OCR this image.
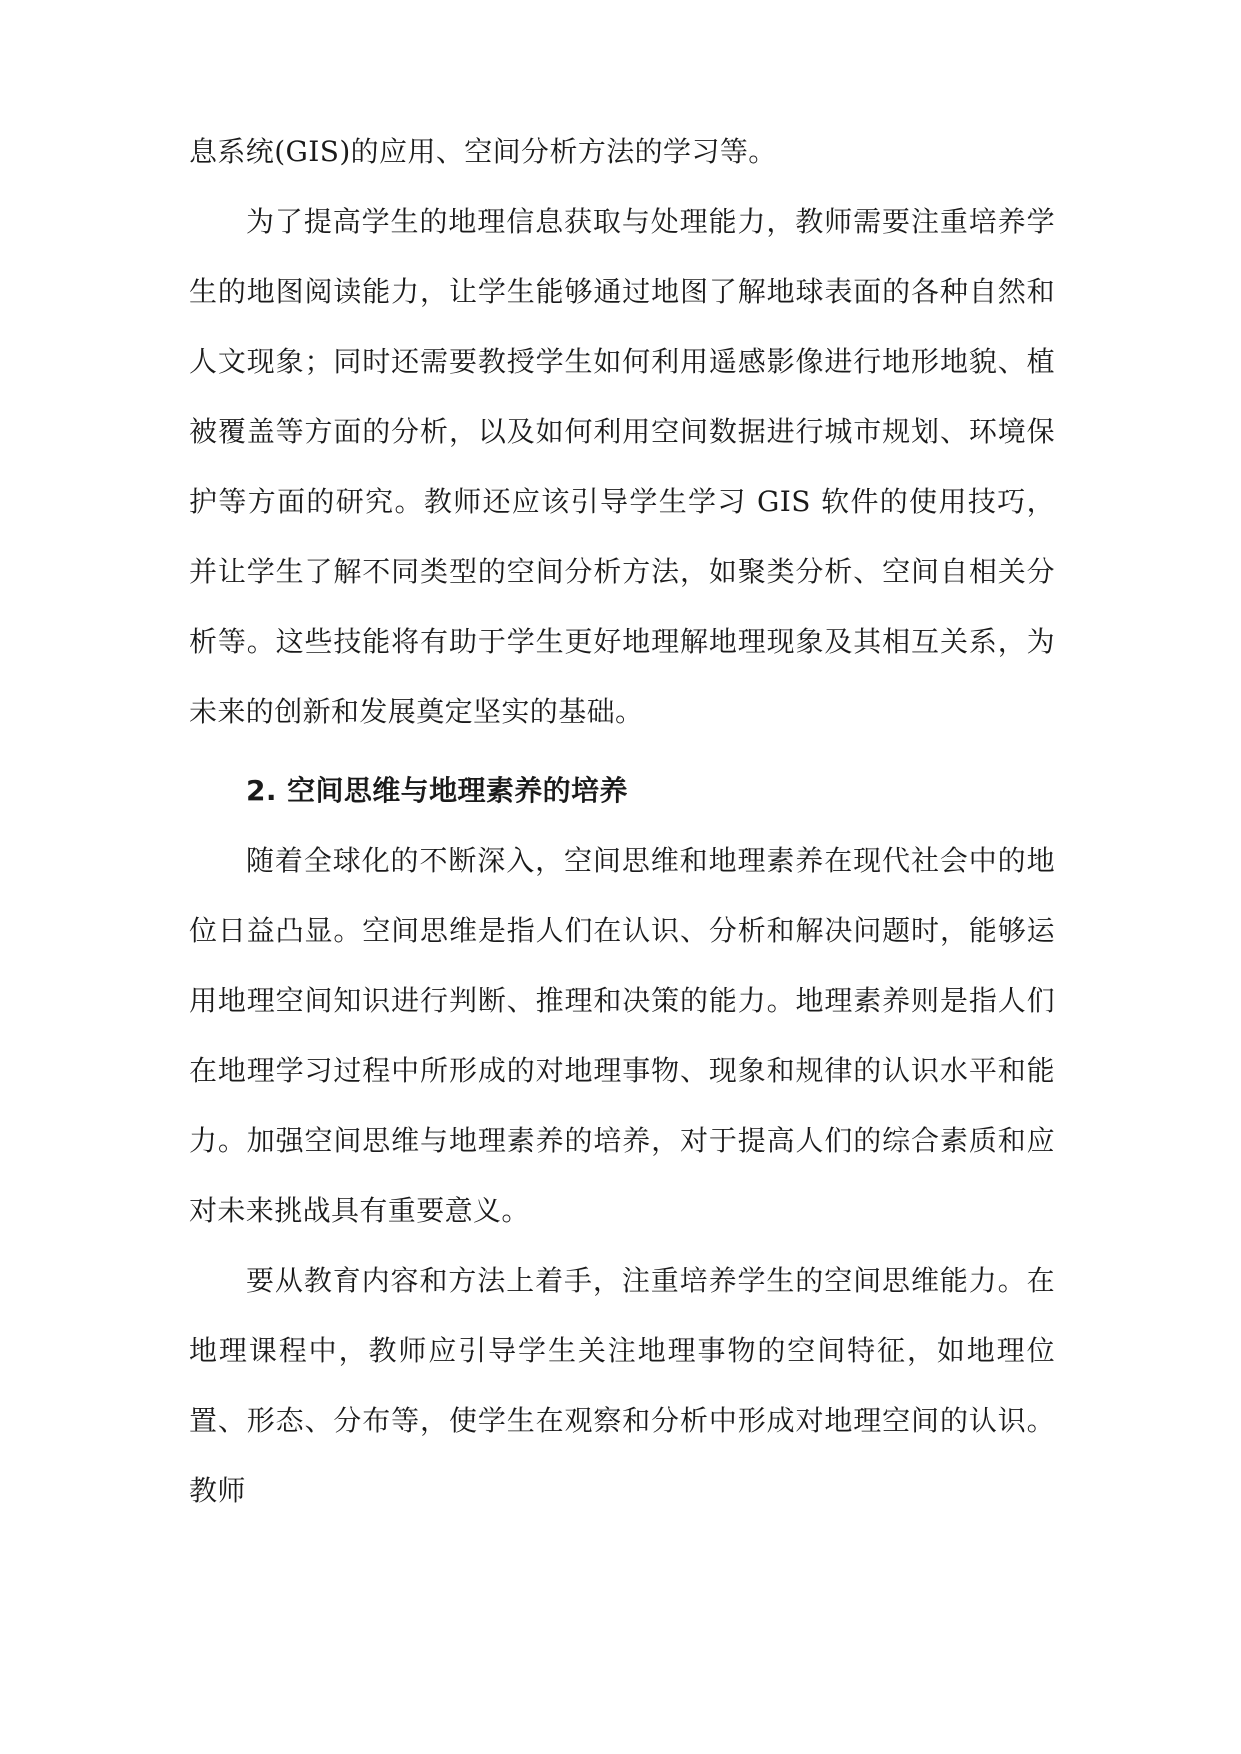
息系统(GIS)的应用、空间分析方法的学习等。

为了提高学生的地理信息获取与处理能力，教师需要注重培养学生的地图阅读能力，让学生能够通过地图了解地球表面的各种自然和人文现象；同时还需要教授学生如何利用遥感影像进行地形地貌、植被覆盖等方面的分析，以及如何利用空间数据进行城市规划、环境保护等方面的研究。教师还应该引导学生学习 GIS 软件的使用技巧，并让学生了解不同类型的空间分析方法，如聚类分析、空间自相关分析等。这些技能将有助于学生更好地理解地理现象及其相互关系，为未来的创新和发展奠定坚实的基础。

2. 空间思维与地理素养的培养

随着全球化的不断深入，空间思维和地理素养在现代社会中的地位日益凸显。空间思维是指人们在认识、分析和解决问题时，能够运用地理空间知识进行判断、推理和决策的能力。地理素养则是指人们在地理学习过程中所形成的对地理事物、现象和规律的认识水平和能力。加强空间思维与地理素养的培养，对于提高人们的综合素质和应对未来挑战具有重要意义。

要从教育内容和方法上着手，注重培养学生的空间思维能力。在地理课程中，教师应引导学生关注地理事物的空间特征，如地理位置、形态、分布等，使学生在观察和分析中形成对地理空间的认识。教师
